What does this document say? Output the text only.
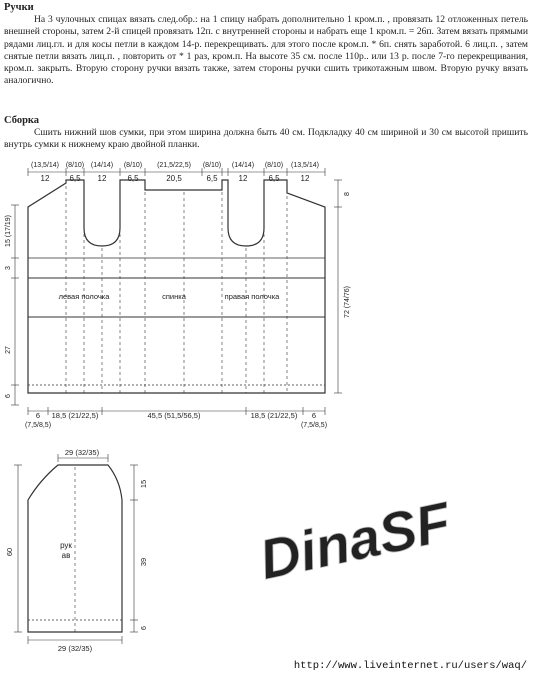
Ручки

На 3 чулочных спицах вязать след.обр.: на 1 спицу набрать дополнительно 1 кром.п. , провязать 12 отложенных петель внешней стороны, затем 2-й спицей провязать 12п. с внутренней стороны и набрать еще 1 кром.п. = 26п. Затем вязать прямыми рядами лиц.гл. и для косы петли в каждом 14-р. перекрещивать. для этого после кром.п. * 6п. снять заработой. 6 лиц.п. , затем снятые петли вязать лиц.п. , повторить от * 1 раз, кром.п. На высоте 35 см. после 110р.. или 13 р. после 7-го перекрещивания, кром.п. закрыть. Вторую сторону ручки вязать также, затем стороны ручки сшить трикотажным швом. Вторую ручку вязать аналогично.

Сборка

Сшить нижний шов сумки, при этом ширина должна быть 40 см. Подкладку 40 см шириной и 30 см высотой пришить внутрь сумки к нижнему краю двойной планки.

(13,5/14) (8/10) (14/14) (8/10) (21,5/22,5) (8/10) (14/14) (8/10) (13,5/14)
12 6,5 12	6,5	20,5	6,5	12	6,5	12
левая полочка	спинка	правая полочка
15 (17/19)
3
27
6
8
72 (74/76)
6 18,5 (21/22,5)	45,5 (51,5/56,5)	18,5 (21/22,5) 6
(7,5/8,5)	(7,5/8,5)
29 (32/35)
29 (32/35)
60
15
39
6
рук
ав	DinaSF
http://www.liveinternet.ru/users/waq/
